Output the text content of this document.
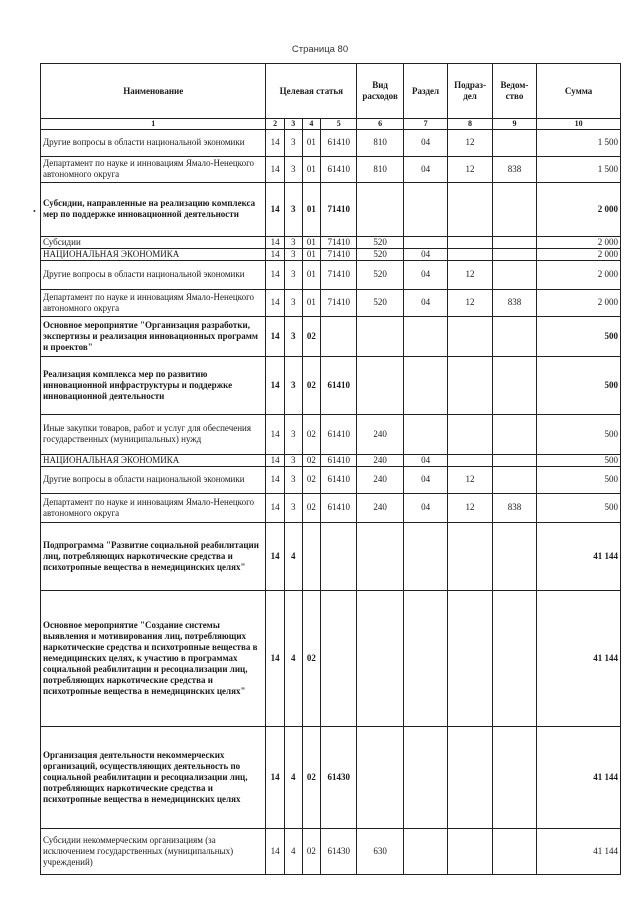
Страница 80
•
Наименование	Целевая статья				Вид расходов	Раздел	Подраз-дел	Ведом-ство	Сумма
1	2	3	4	5	6	7	8	9	10
Другие вопросы в области национальной экономики	14	3	01	61410	810	04	12		1 500
Департамент по науке и инновациям Ямало-Ненецкого автономного округа	14	3	01	61410	810	04	12	838	1 500
Субсидии, направленные на реализацию комплекса мер по поддержке инновационной деятельности	14	3	01	71410					2 000
Субсидии	14	3	01	71410	520				2 000
НАЦИОНАЛЬНАЯ ЭКОНОМИКА	14	3	01	71410	520	04			2 000
Другие вопросы в области национальной экономики	14	3	01	71410	520	04	12		2 000
Департамент по науке и инновациям Ямало-Ненецкого автономного округа	14	3	01	71410	520	04	12	838	2 000
Основное мероприятие "Организация разработки, экспертизы и реализация инновационных программ и проектов"	14	3	02						500
Реализация комплекса мер по развитию инновационной инфраструктуры и поддержке инновационной деятельности	14	3	02	61410					500
Иные закупки товаров, работ и услуг для обеспечения государственных (муниципальных) нужд	14	3	02	61410	240				500
НАЦИОНАЛЬНАЯ ЭКОНОМИКА	14	3	02	61410	240	04			500
Другие вопросы в области национальной экономики	14	3	02	61410	240	04	12		500
Департамент по науке и инновациям Ямало-Ненецкого автономного округа	14	3	02	61410	240	04	12	838	500
Подпрограмма "Развитие социальной реабилитации лиц, потребляющих наркотические средства и психотропные вещества в немедицинских целях"	14	4							41 144
Основное мероприятие "Создание системы выявления и мотивирования лиц, потребляющих наркотические средства и психотропные вещества в немедицинских целях, к участию в программах социальной реабилитации и ресоциализации лиц, потребляющих наркотические средства и психотропные вещества в немедицинских целях"	14	4	02						41 144
Организация деятельности некоммерческих организаций, осуществляющих деятельность по социальной реабилитации и ресоциализации лиц, потребляющих наркотические средства и психотропные вещества в немедицинских целях	14	4	02	61430					41 144
Субсидии некоммерческим организациям (за исключением государственных (муниципальных) учреждений)	14	4	02	61430	630				41 144
